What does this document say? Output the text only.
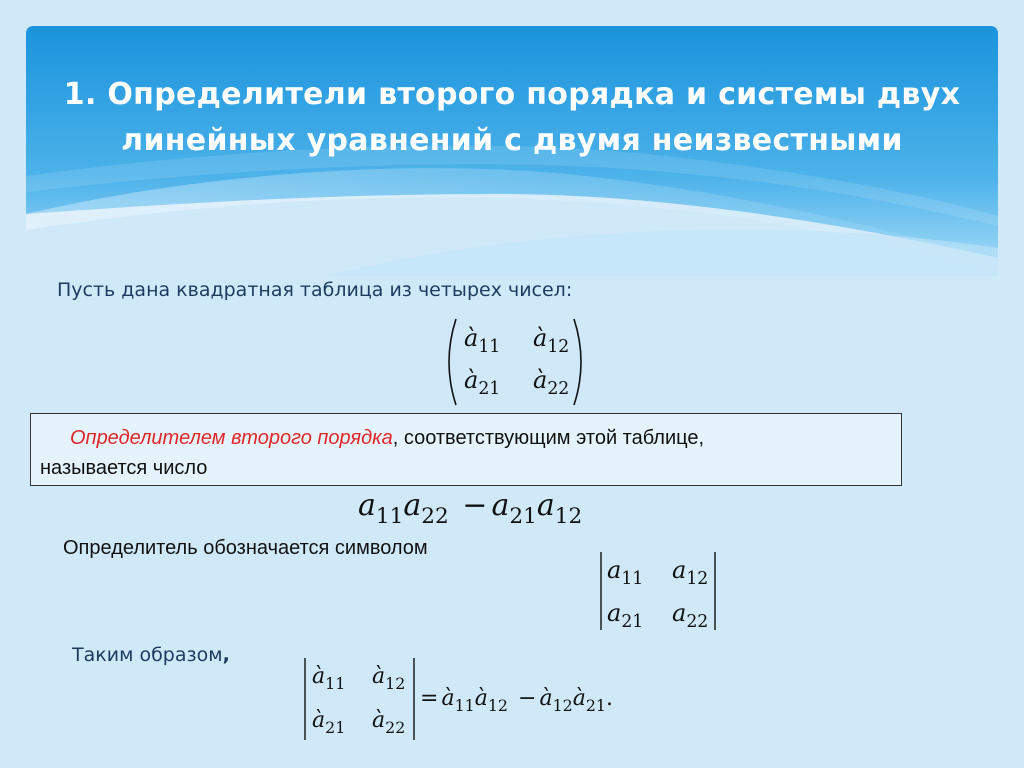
1. Определители второго порядка и системы двух
линейных уравнений с двумя неизвестными
Пусть дана квадратная таблица из четырех чисел:
$à_{11}$ $à_{12}$
$à_{21}$ $à_{22}$

Определителем второго порядка, соответствующим этой таблице,

называется число

$a_{11}a_{22} - a_{21}a_{12}$
Определитель обозначается символом
$a_{11}$ $a_{12}$
$a_{21}$ $a_{22}$
Таким образом,
$à_{11}$ $à_{12}$
$à_{21}$ $à_{22}$
= $à_{11}à_{12}$ − $à_{12}à_{21}$.
